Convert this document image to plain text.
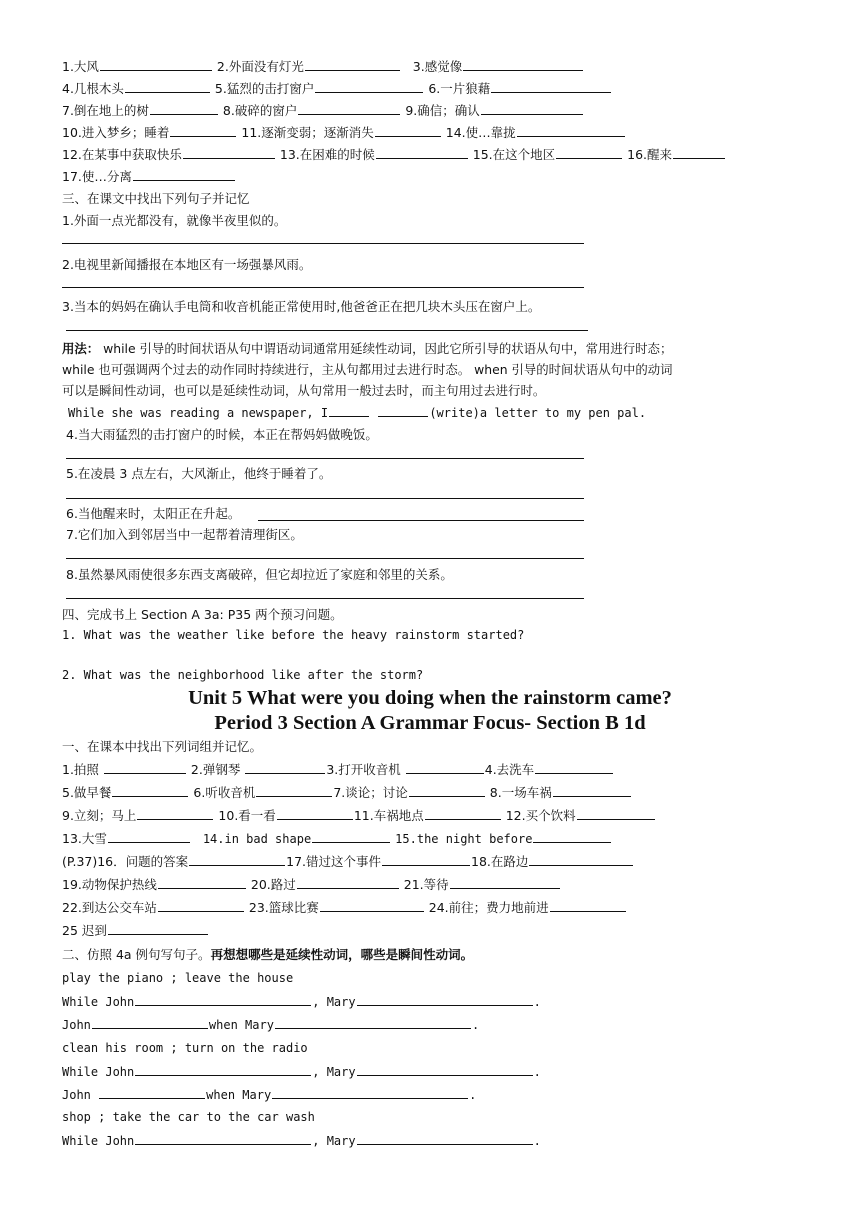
1.大风	2.外面没有灯光	3.感觉像
4.几根木头	5.猛烈的击打窗户	6.一片狼藉
7.倒在地上的树	8.破碎的窗户	9.确信；确认
10.进入梦乡；睡着	11.逐渐变弱；逐渐消失	14.使…靠拢
12.在某事中获取快乐	13.在困难的时候	15.在这个地区	16.醒来
17.使…分离
三、在课文中找出下列句子并记忆
1.外面一点光都没有，就像半夜里似的。
2.电视里新闻播报在本地区有一场强暴风雨。
3.当本的妈妈在确认手电筒和收音机能正常使用时,他爸爸正在把几块木头压在窗户上。
用法： while 引导的时间状语从句中谓语动词通常用延续性动词，因此它所引导的状语从句中，常用进行时态；
while 也可强调两个过去的动作同时持续进行，主从句都用过去进行时态。 when 引导的时间状语从句中的动词
可以是瞬间性动词，也可以是延续性动词，从句常用一般过去时，而主句用过去进行时。
While she was reading a newspaper, I	(write)a letter to my pen pal.
4.当大雨猛烈的击打窗户的时候，本正在帮妈妈做晚饭。
5.在凌晨 3 点左右，大风渐止，他终于睡着了。
6.当他醒来时，太阳正在升起。
7.它们加入到邻居当中一起帮着清理街区。
8.虽然暴风雨使很多东西支离破碎，但它却拉近了家庭和邻里的关系。
四、完成书上 Section A 3a: P35 两个预习问题。
1. What was the weather like before the heavy rainstorm started?
2. What was the neighborhood like after the storm?
Unit 5 What were you doing when the rainstorm came?
Period 3 Section A Grammar Focus- Section B 1d
一、在课本中找出下列词组并记忆。
1.拍照	2.弹钢琴	3.打开收音机	4.去洗车
5.做早餐	6.听收音机	7.谈论；讨论	8.一场车祸
9.立刻；马上	10.看一看	11.车祸地点	12.买个饮料
13.大雪	14.in bad shape	15.the night before
(P.37)16．问题的答案	17.错过这个事件	18.在路边
19.动物保护热线	20.路过	21.等待
22.到达公交车站	23.篮球比赛	24.前往；费力地前进
25 迟到
二、仿照 4a 例句写句子。再想想哪些是延续性动词，哪些是瞬间性动词。
play the piano ; leave the house
While John	, Mary	.
John	when Mary	.
clean his room ; turn on the radio
While John	, Mary	.
John	when Mary	.
shop ; take the car to the car wash
While John	, Mary	.
